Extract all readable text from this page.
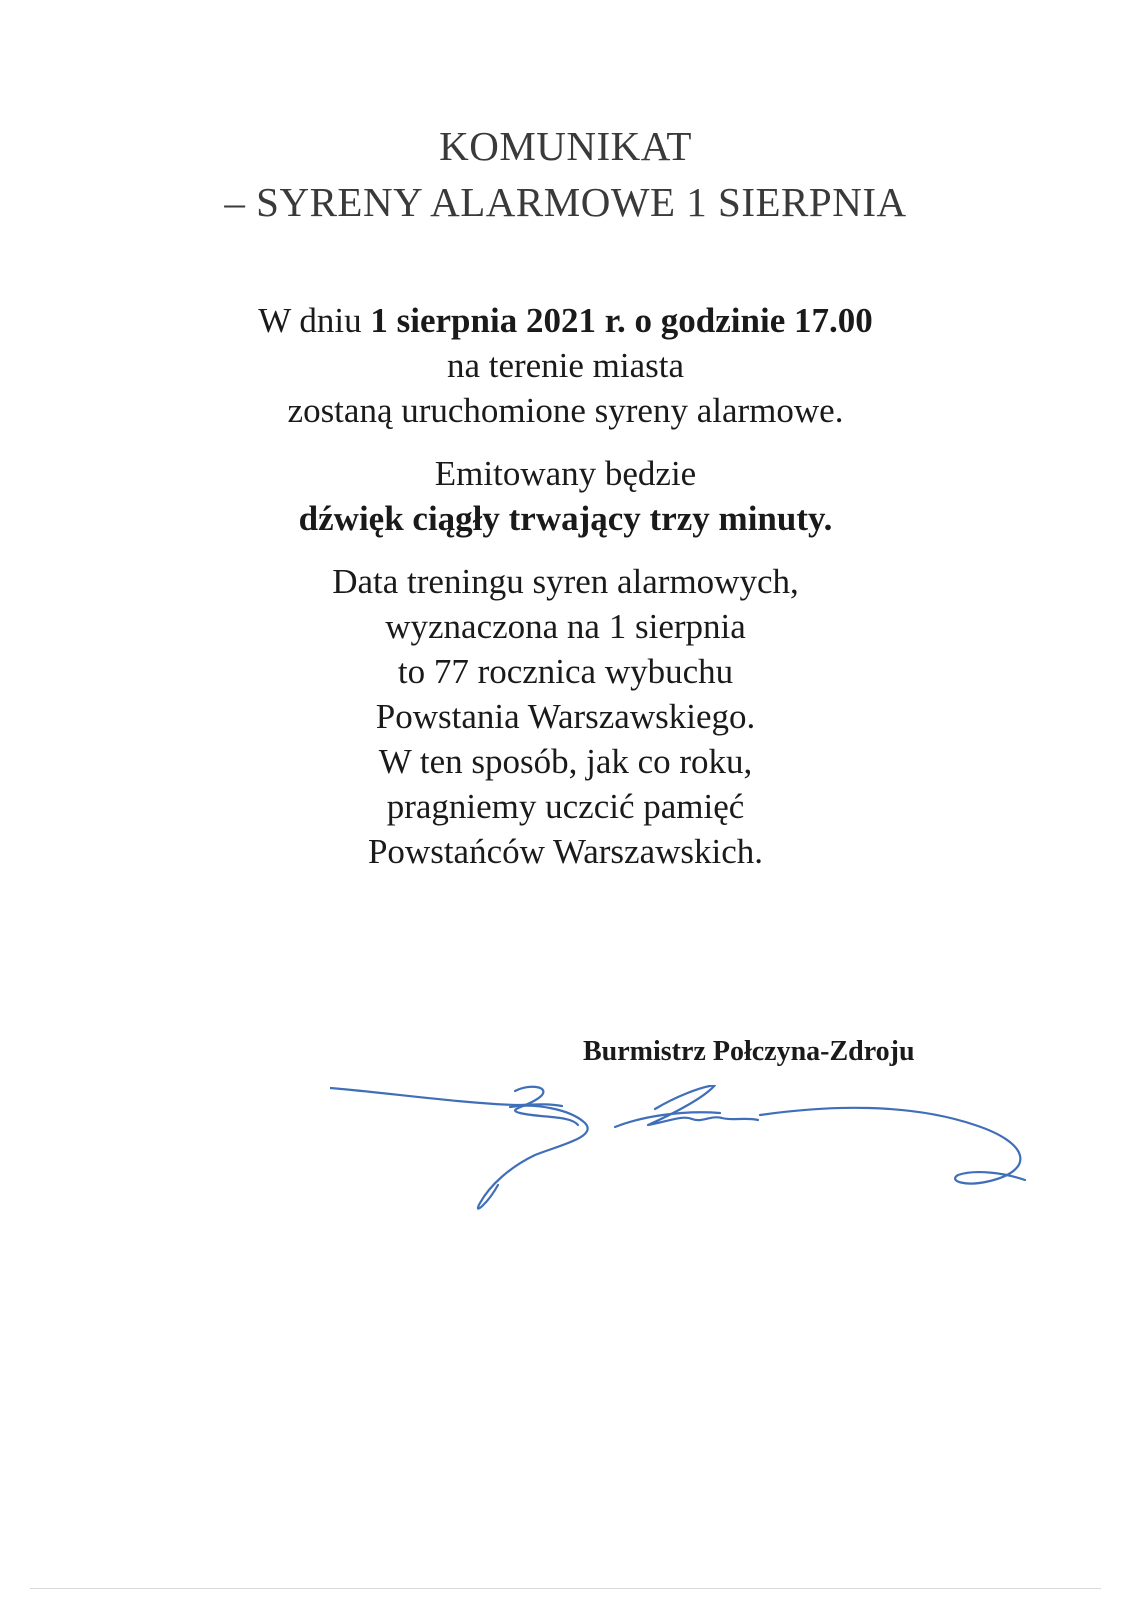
KOMUNIKAT
– SYRENY ALARMOWE 1 SIERPNIA

W dniu 1 sierpnia 2021 r. o godzinie 17.00
na terenie miasta
zostaną uruchomione syreny alarmowe.

Emitowany będzie
dźwięk ciągły trwający trzy minuty.

Data treningu syren alarmowych,
wyznaczona na 1 sierpnia
to 77 rocznica wybuchu
Powstania Warszawskiego.
W ten sposób, jak co roku,
pragniemy uczcić pamięć
Powstańców Warszawskich.

Burmistrz Połczyna-Zdroju
